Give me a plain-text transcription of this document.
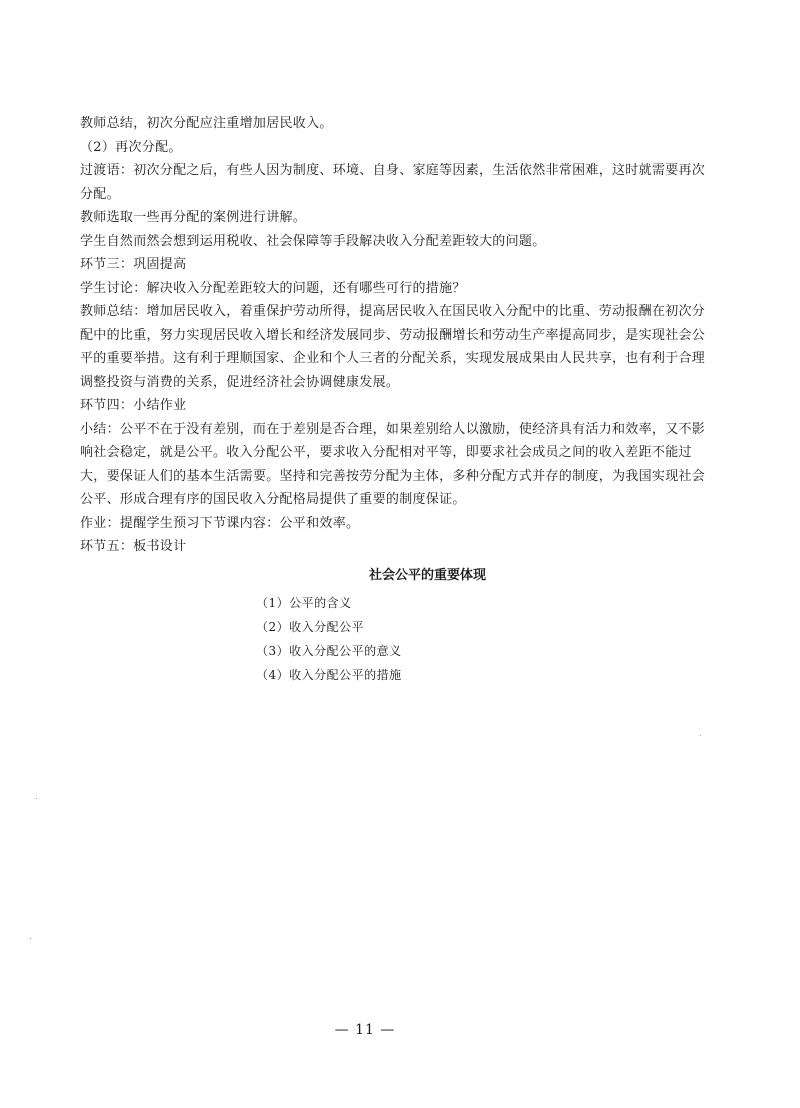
教师总结，初次分配应注重增加居民收入。

（2）再次分配。

过渡语：初次分配之后，有些人因为制度、环境、自身、家庭等因素，生活依然非常困难，这时就需要再次分配。

教师选取一些再分配的案例进行讲解。

学生自然而然会想到运用税收、社会保障等手段解决收入分配差距较大的问题。

环节三：巩固提高

学生讨论：解决收入分配差距较大的问题，还有哪些可行的措施？

教师总结：增加居民收入，着重保护劳动所得，提高居民收入在国民收入分配中的比重、劳动报酬在初次分配中的比重，努力实现居民收入增长和经济发展同步、劳动报酬增长和劳动生产率提高同步，是实现社会公平的重要举措。这有利于理顺国家、企业和个人三者的分配关系，实现发展成果由人民共享，也有利于合理调整投资与消费的关系，促进经济社会协调健康发展。

环节四：小结作业

小结：公平不在于没有差别，而在于差别是否合理，如果差别给人以激励，使经济具有活力和效率，又不影响社会稳定，就是公平。收入分配公平，要求收入分配相对平等，即要求社会成员之间的收入差距不能过大，要保证人们的基本生活需要。坚持和完善按劳分配为主体，多种分配方式并存的制度，为我国实现社会公平、形成合理有序的国民收入分配格局提供了重要的制度保证。

作业：提醒学生预习下节课内容：公平和效率。

环节五：板书设计

社会公平的重要体现

（1）公平的含义

（2）收入分配公平

（3）收入分配公平的意义

（4）收入分配公平的措施

— 11 —
